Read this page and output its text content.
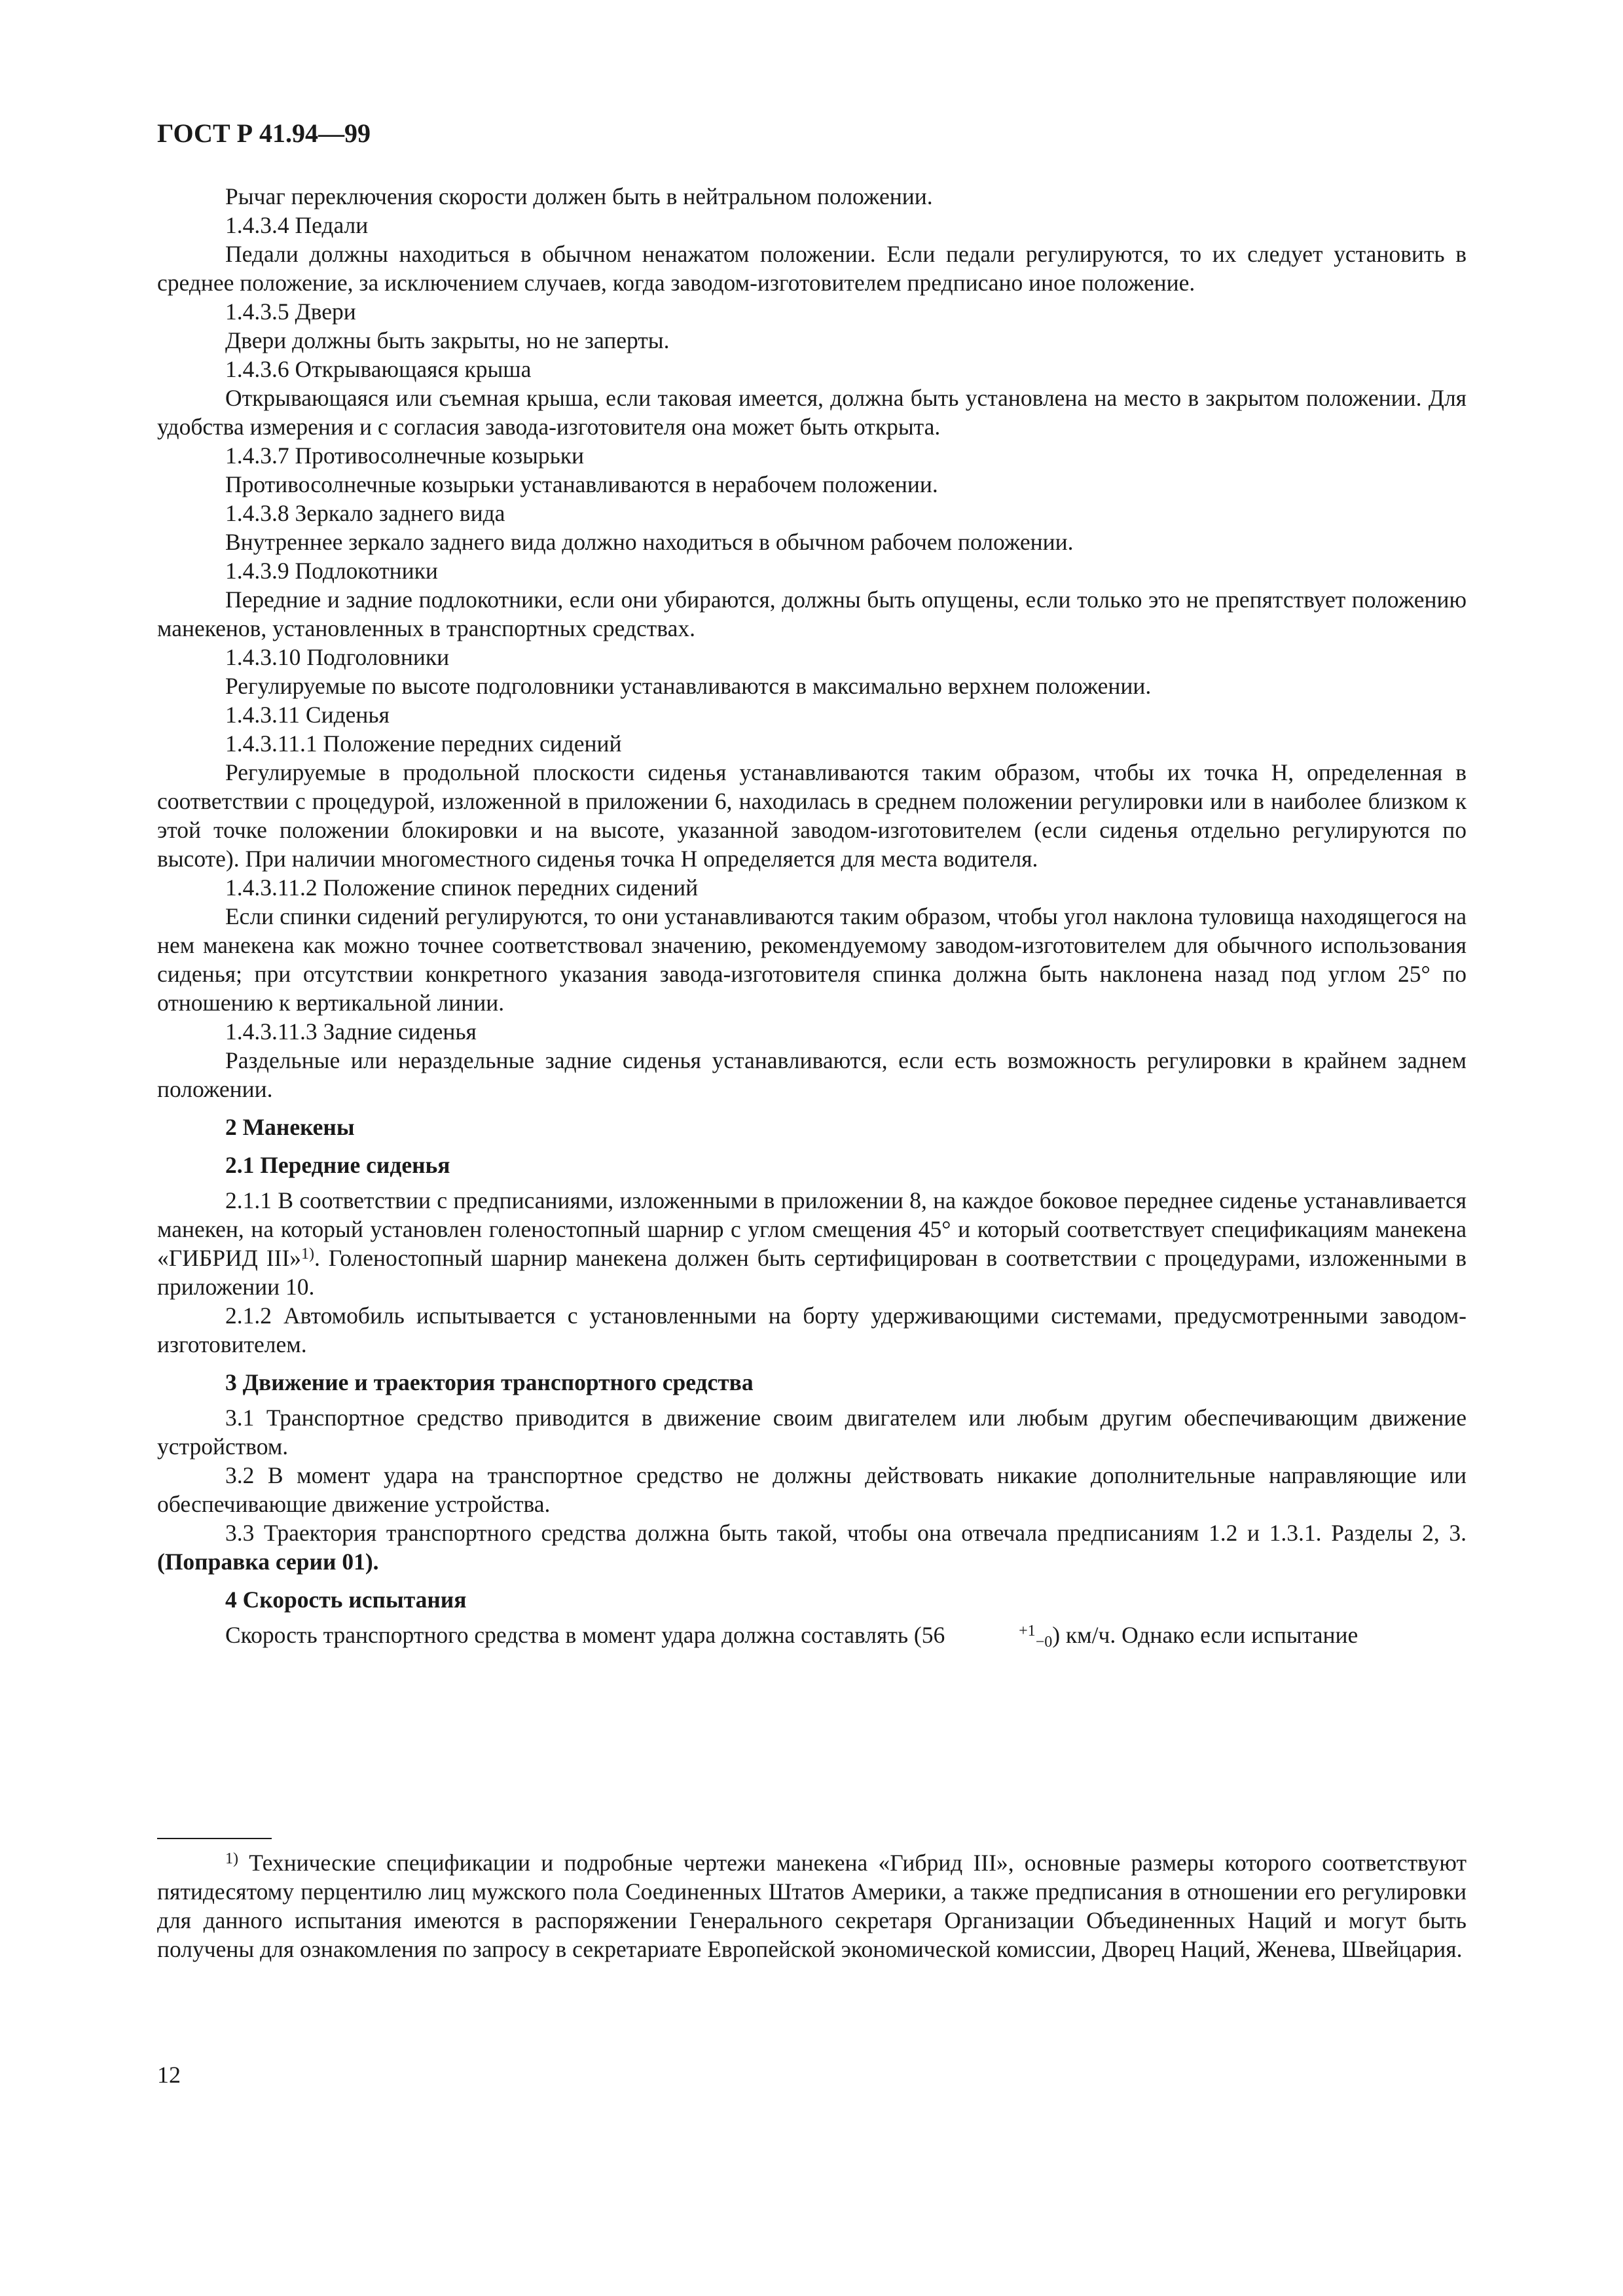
ГОСТ Р 41.94—99

Рычаг переключения скорости должен быть в нейтральном положении.

1.4.3.4 Педали

Педали должны находиться в обычном ненажатом положении. Если педали регулируются, то их следует установить в среднее положение, за исключением случаев, когда заводом-изготовителем предписано иное положение.

1.4.3.5 Двери

Двери должны быть закрыты, но не заперты.

1.4.3.6 Открывающаяся крыша

Открывающаяся или съемная крыша, если таковая имеется, должна быть установлена на место в закрытом положении. Для удобства измерения и с согласия завода-изготовителя она может быть открыта.

1.4.3.7 Противосолнечные козырьки

Противосолнечные козырьки устанавливаются в нерабочем положении.

1.4.3.8 Зеркало заднего вида

Внутреннее зеркало заднего вида должно находиться в обычном рабочем положении.

1.4.3.9 Подлокотники

Передние и задние подлокотники, если они убираются, должны быть опущены, если только это не препятствует положению манекенов, установленных в транспортных средствах.

1.4.3.10 Подголовники

Регулируемые по высоте подголовники устанавливаются в максимально верхнем положении.

1.4.3.11 Сиденья

1.4.3.11.1 Положение передних сидений

Регулируемые в продольной плоскости сиденья устанавливаются таким образом, чтобы их точка H, определенная в соответствии с процедурой, изложенной в приложении 6, находилась в среднем положении регулировки или в наиболее близком к этой точке положении блокировки и на высоте, указанной заводом-изготовителем (если сиденья отдельно регулируются по высоте). При наличии многоместного сиденья точка H определяется для места водителя.

1.4.3.11.2 Положение спинок передних сидений

Если спинки сидений регулируются, то они устанавливаются таким образом, чтобы угол наклона туловища находящегося на нем манекена как можно точнее соответствовал значению, рекомендуемому заводом-изготовителем для обычного использования сиденья; при отсутствии конкретного указания завода-изготовителя спинка должна быть наклонена назад под углом 25° по отношению к вертикальной линии.

1.4.3.11.3 Задние сиденья

Раздельные или нераздельные задние сиденья устанавливаются, если есть возможность регулировки в крайнем заднем положении.

2 Манекены

2.1 Передние сиденья

2.1.1 В соответствии с предписаниями, изложенными в приложении 8, на каждое боковое переднее сиденье устанавливается манекен, на который установлен голеностопный шарнир с углом смещения 45° и который соответствует спецификациям манекена «ГИБРИД III»$^{1)}$. Голеностопный шарнир манекена должен быть сертифицирован в соответствии с процедурами, изложенными в приложении 10.

2.1.2 Автомобиль испытывается с установленными на борту удерживающими системами, предусмотренными заводом-изготовителем.

3 Движение и траектория транспортного средства

3.1 Транспортное средство приводится в движение своим двигателем или любым другим обеспечивающим движение устройством.

3.2 В момент удара на транспортное средство не должны действовать никакие дополнительные направляющие или обеспечивающие движение устройства.

3.3 Траектория транспортного средства должна быть такой, чтобы она отвечала предписаниям 1.2 и 1.3.1. Разделы 2, 3. (Поправка серии 01).

4 Скорость испытания

Скорость транспортного средства в момент удара должна составлять (56	$^{+1}_{-0}$) км/ч. Однако если испытание

$^{1)}$ Технические спецификации и подробные чертежи манекена «Гибрид III», основные размеры которого соответствуют пятидесятому перцентилю лиц мужского пола Соединенных Штатов Америки, а также предписания в отношении его регулировки для данного испытания имеются в распоряжении Генерального секретаря Организации Объединенных Наций и могут быть получены для ознакомления по запросу в секретариате Европейской экономической комиссии, Дворец Наций, Женева, Швейцария.

12
